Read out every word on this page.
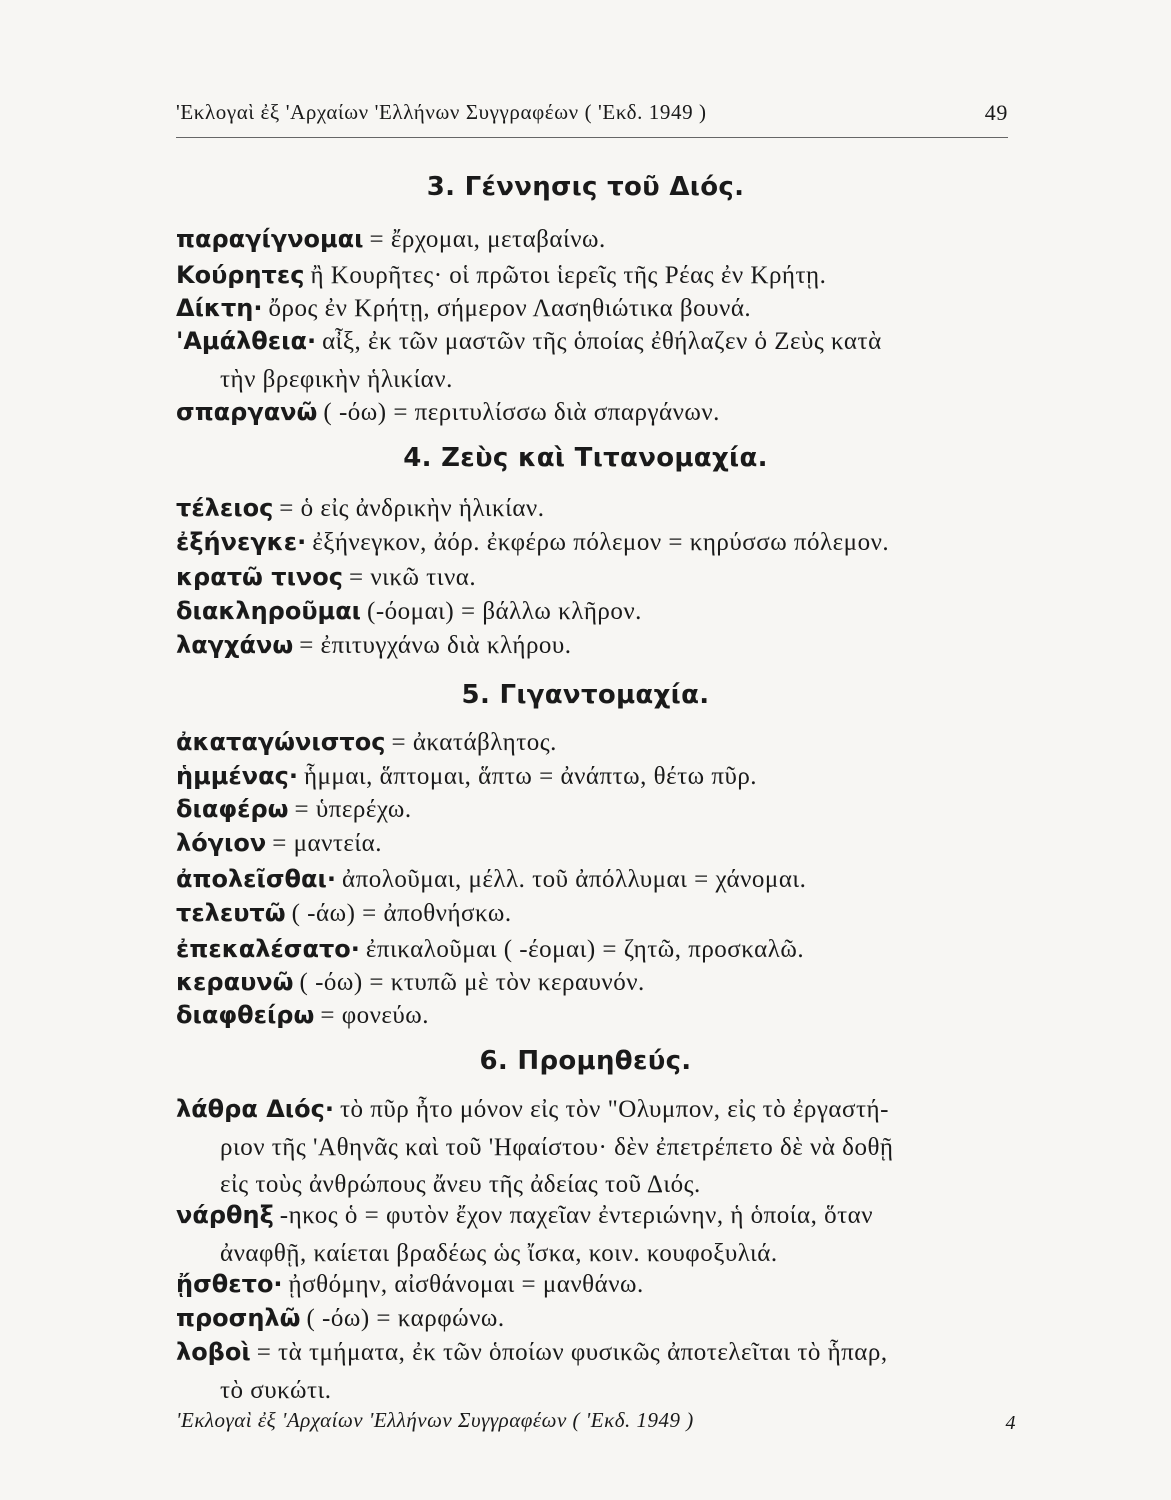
'Εκλογαὶ ἐξ 'Αρχαίων 'Ελλήνων Συγγραφέων ( 'Εκδ. 1949 )	49
3. Γέννησις τοῦ Διός.
παραγίγνομαι = ἔρχομαι, μεταβαίνω.
Κούρητες ἢ Κουρῆτες· οἱ πρῶτοι ἱερεῖς τῆς Ρέας ἐν Κρήτῃ.
Δίκτη· ὄρος ἐν Κρήτῃ, σήμερον Λασηθιώτικα βουνά.
'Αμάλθεια· αἶξ, ἐκ τῶν μαστῶν τῆς ὁποίας ἐθήλαζεν ὁ Ζεὺς κατὰ
τὴν βρεφικὴν ἡλικίαν.
σπαργανῶ ( -όω) = περιτυλίσσω διὰ σπαργάνων.
4. Ζεὺς καὶ Τιτανομαχία.
τέλειος = ὁ εἰς ἀνδρικὴν ἡλικίαν.
ἐξήνεγκε· ἐξήνεγκον, ἀόρ. ἐκφέρω πόλεμον = κηρύσσω πόλεμον.
κρατῶ τινος = νικῶ τινα.
διακληροῦμαι (-όομαι) = βάλλω κλῆρον.
λαγχάνω = ἐπιτυγχάνω διὰ κλήρου.
5. Γιγαντομαχία.
ἀκαταγώνιστος = ἀκατάβλητος.
ἡμμένας· ἧμμαι, ἅπτομαι, ἅπτω = ἀνάπτω, θέτω πῦρ.
διαφέρω = ὑπερέχω.
λόγιον = μαντεία.
ἀπολεῖσθαι· ἀπολοῦμαι, μέλλ. τοῦ ἀπόλλυμαι = χάνομαι.
τελευτῶ ( -άω) = ἀποθνήσκω.
ἐπεκαλέσατο· ἐπικαλοῦμαι ( -έομαι) = ζητῶ, προσκαλῶ.
κεραυνῶ ( -όω) = κτυπῶ μὲ τὸν κεραυνόν.
διαφθείρω = φονεύω.
6. Προμηθεύς.
λάθρα Διός· τὸ πῦρ ἦτο μόνον εἰς τὸν "Ολυμπον, εἰς τὸ ἐργαστή-
ριον τῆς 'Αθηνᾶς καὶ τοῦ 'Ηφαίστου· δὲν ἐπετρέπετο δὲ νὰ δοθῇ
εἰς τοὺς ἀνθρώπους ἄνευ τῆς ἀδείας τοῦ Διός.
νάρθηξ -ηκος ὁ = φυτὸν ἔχον παχεῖαν ἐντεριώνην, ἡ ὁποία, ὅταν
ἀναφθῇ, καίεται βραδέως ὡς ἴσκα, κοιν. κουφοξυλιά.
ᾔσθετο· ᾐσθόμην, αἰσθάνομαι = μανθάνω.
προσηλῶ ( -όω) = καρφώνω.
λοβοὶ = τὰ τμήματα, ἐκ τῶν ὁποίων φυσικῶς ἀποτελεῖται τὸ ἧπαρ,
τὸ συκώτι.
'Εκλογαὶ ἐξ 'Αρχαίων 'Ελλήνων Συγγραφέων ( 'Εκδ. 1949 )	4
